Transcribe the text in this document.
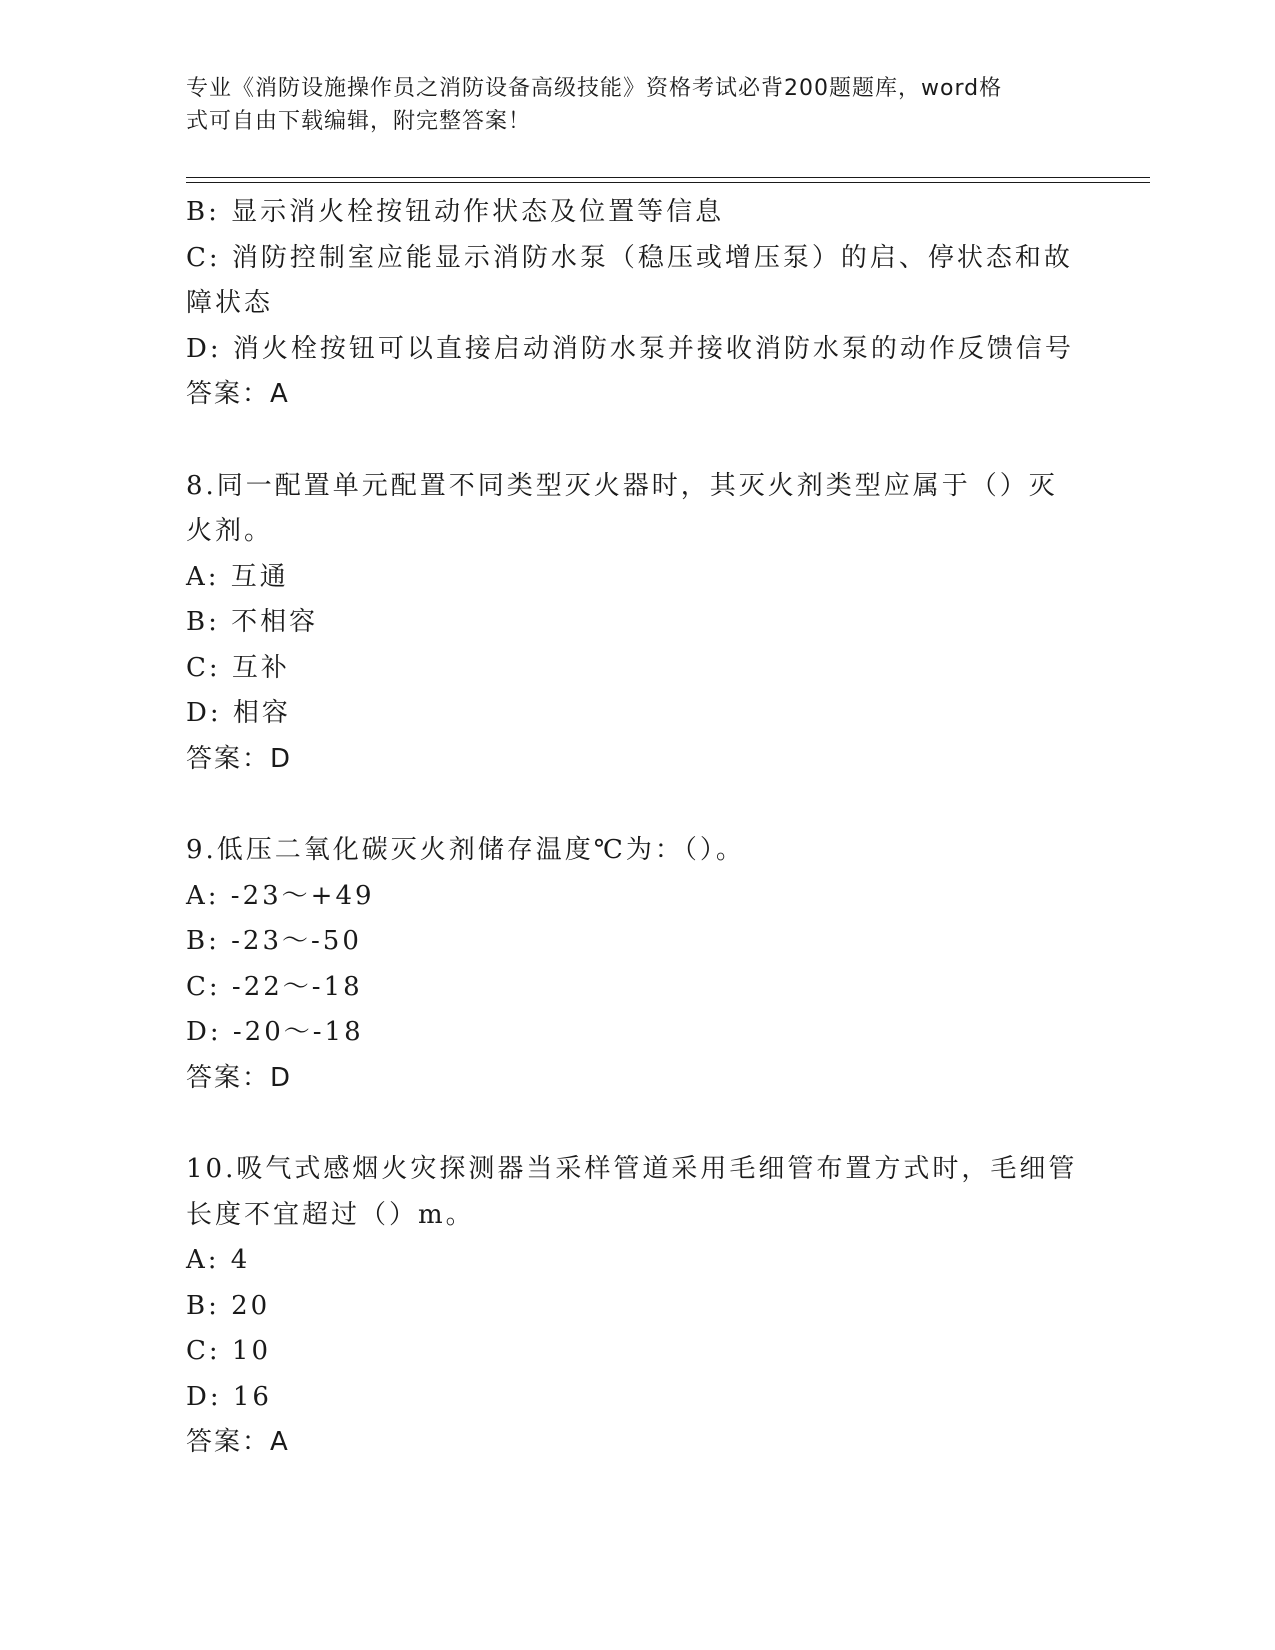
专业《消防设施操作员之消防设备高级技能》资格考试必背200题题库，word格
式可自由下载编辑，附完整答案！
B: 显示消火栓按钮动作状态及位置等信息
C: 消防控制室应能显示消防水泵（稳压或增压泵）的启、停状态和故
障状态
D: 消火栓按钮可以直接启动消防水泵并接收消防水泵的动作反馈信号
答案：A
8.同一配置单元配置不同类型灭火器时，其灭火剂类型应属于（）灭
火剂。
A: 互通
B: 不相容
C: 互补
D: 相容
答案：D
9.低压二氧化碳灭火剂储存温度℃为：（）。
A: -23～+49
B: -23～-50
C: -22～-18
D: -20～-18
答案：D
10.吸气式感烟火灾探测器当采样管道采用毛细管布置方式时，毛细管
长度不宜超过（）m。
A: 4
B: 20
C: 10
D: 16
答案：A
